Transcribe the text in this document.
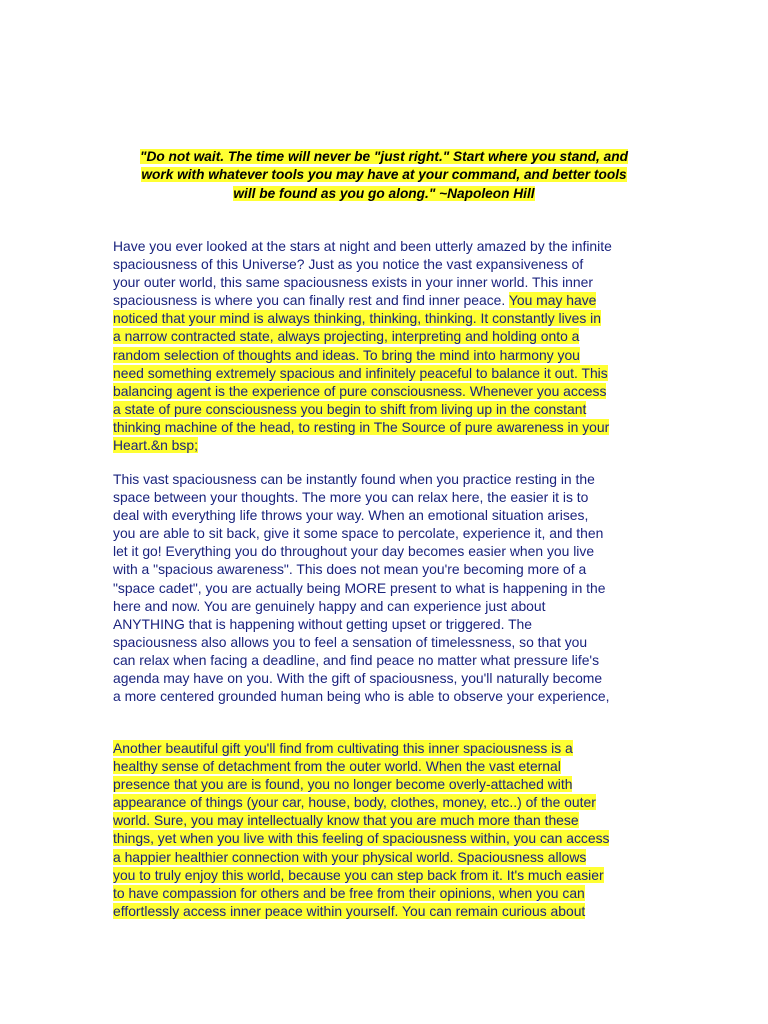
"Do not wait. The time will never be "just right." Start where you stand, and
work with whatever tools you may have at your command, and better tools
will be found as you go along." ~Napoleon Hill
Have you ever looked at the stars at night and been utterly amazed by the infinite
spaciousness of this Universe? Just as you notice the vast expansiveness of
your outer world, this same spaciousness exists in your inner world. This inner
spaciousness is where you can finally rest and find inner peace. You may have
noticed that your mind is always thinking, thinking, thinking. It constantly lives in
a narrow contracted state, always projecting, interpreting and holding onto a
random selection of thoughts and ideas. To bring the mind into harmony you
need something extremely spacious and infinitely peaceful to balance it out. This
balancing agent is the experience of pure consciousness. Whenever you access
a state of pure consciousness you begin to shift from living up in the constant
thinking machine of the head, to resting in The Source of pure awareness in your
Heart.&n bsp;
This vast spaciousness can be instantly found when you practice resting in the
space between your thoughts. The more you can relax here, the easier it is to
deal with everything life throws your way. When an emotional situation arises,
you are able to sit back, give it some space to percolate, experience it, and then
let it go! Everything you do throughout your day becomes easier when you live
with a "spacious awareness". This does not mean you're becoming more of a
"space cadet", you are actually being MORE present to what is happening in the
here and now. You are genuinely happy and can experience just about
ANYTHING that is happening without getting upset or triggered. The
spaciousness also allows you to feel a sensation of timelessness, so that you
can relax when facing a deadline, and find peace no matter what pressure life's
agenda may have on you. With the gift of spaciousness, you'll naturally become
a more centered grounded human being who is able to observe your experience,
Another beautiful gift you'll find from cultivating this inner spaciousness is a
healthy sense of detachment from the outer world. When the vast eternal
presence that you are is found, you no longer become overly-attached with
appearance of things (your car, house, body, clothes, money, etc..) of the outer
world. Sure, you may intellectually know that you are much more than these
things, yet when you live with this feeling of spaciousness within, you can access
a happier healthier connection with your physical world. Spaciousness allows
you to truly enjoy this world, because you can step back from it. It's much easier
to have compassion for others and be free from their opinions, when you can
effortlessly access inner peace within yourself. You can remain curious about
